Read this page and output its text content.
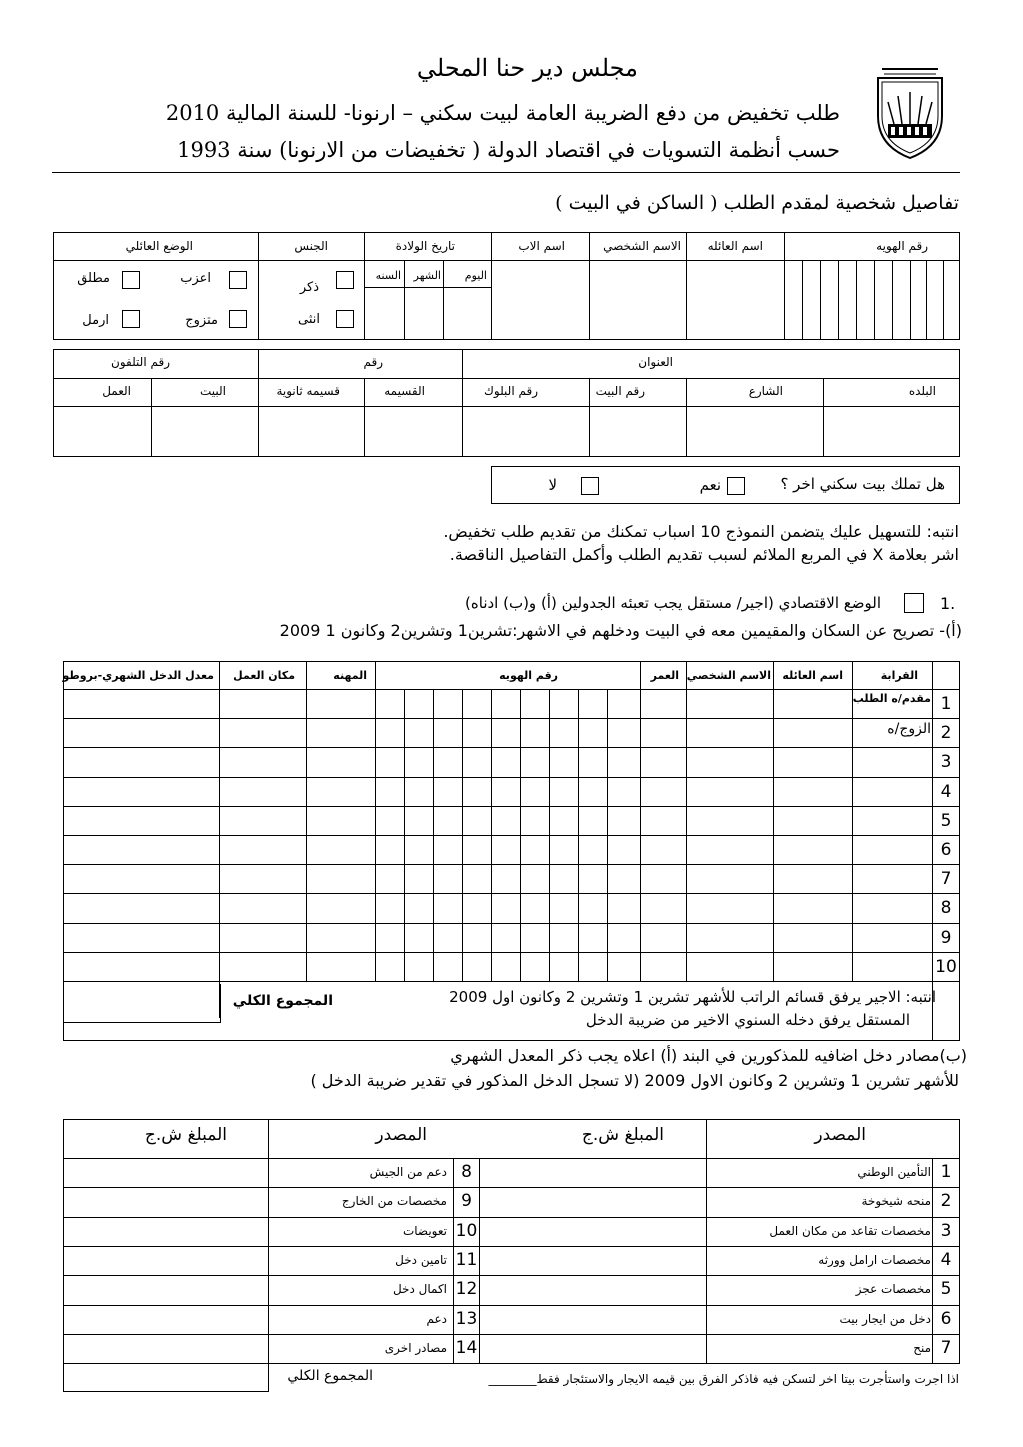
مجلس دير حنا المحلي
طلب تخفيض من دفع الضريبة العامة لبيت سكني – ارنونا- للسنة المالية 2010
حسب أنظمة التسويات في اقتصاد الدولة ( تخفيضات من الارنونا) سنة 1993
تفاصيل شخصية لمقدم الطلب ( الساكن في البيت )
رقم الهويه
اسم العائله
الاسم الشخصي
اسم الاب
تاريخ الولادة
الجنس
الوضع العائلي
اليوم
الشهر
السنه
ذكر
انثى
اعزب
مطلق
متزوج
ارمل
العنوان
رقم
رقم التلفون
البلده
الشارع
رقم البيت
رقم البلوك
القسيمه
قسيمه ثانوية
البيت
العمل
هل تملك بيت سكني اخر ؟
نعم
لا
انتبه: للتسهيل عليك يتضمن النموذج 10 اسباب تمكنك من تقديم طلب تخفيض.
اشر بعلامة X في المربع الملائم لسبب تقديم الطلب وأكمل التفاصيل الناقصة.
1.
الوضع الاقتصادي (اجير/ مستقل يجب تعبئه الجدولين (أ) و(ب) ادناه)
(أ)- تصريح عن السكان والمقيمين معه في البيت ودخلهم في الاشهر:تشرين1 وتشرين2 وكانون 1 2009
القرابة
اسم العائله
الاسم الشخصي
العمر
رقم الهويه
المهنه
مكان العمل
معدل الدخل الشهري-بروطو
1
مقدم/ه الطلب
2
الزوج/ه
3
4
5
6
7
8
9
10
انتبه: الاجير يرفق قسائم الراتب للأشهر تشرين 1 وتشرين 2 وكانون اول 2009
المستقل يرفق دخله السنوي الاخير من ضريبة الدخل
المجموع الكلي
(ب)مصادر دخل اضافيه للمذكورين في البند (أ) اعلاه يجب ذكر المعدل الشهري
للأشهر تشرين 1 وتشرين 2 وكانون الاول 2009 (لا تسجل الدخل المذكور في تقدير ضريبة الدخل )
المصدر
المبلغ ش.ج
المصدر
المبلغ ش.ج
1
التأمين الوطني
2
منحه شيخوخة
3
مخصصات تقاعد من مكان العمل
4
مخصصات ارامل وورثه
5
مخصصات عجز
6
دخل من ايجار بيت
7
منح
8
دعم من الجيش
9
مخصصات من الخارج
10
تعويضات
11
تامين دخل
12
اكمال دخل
13
دعم
14
مصادر اخرى
المجموع الكلي	اذا اجرت واستأجرت بيتا اخر لتسكن فيه فاذكر الفرق بين قيمه الايجار والاستئجار فقط________
